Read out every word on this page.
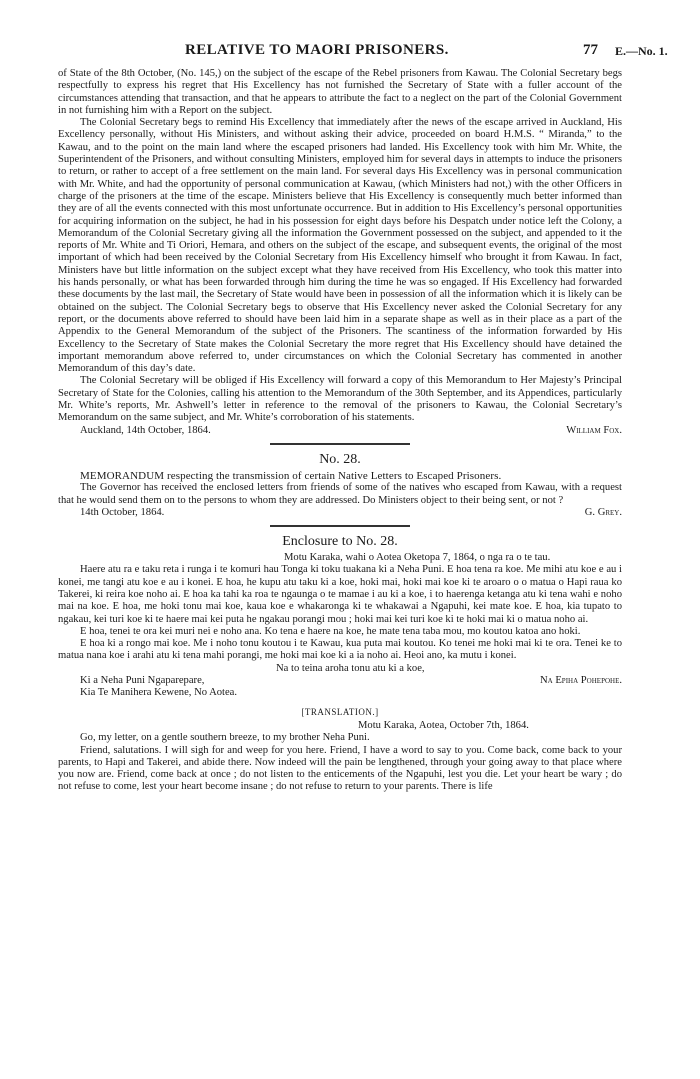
RELATIVE TO MAORI PRISONERS.	77 E.—No. 1.

of State of the 8th October, (No. 145,) on the subject of the escape of the Rebel prisoners from Kawau. The Colonial Secretary begs respectfully to express his regret that His Excellency has not furnished the Secretary of State with a fuller account of the circumstances attending that transaction, and that he appears to attribute the fact to a neglect on the part of the Colonial Government in not furnishing him with a Report on the subject.

The Colonial Secretary begs to remind His Excellency that immediately after the news of the escape arrived in Auckland, His Excellency personally, without His Ministers, and without asking their advice, proceeded on board H.M.S. “ Miranda,” to the Kawau, and to the point on the main land where the escaped prisoners had landed. His Excellency took with him Mr. White, the Superintendent of the Prisoners, and without consulting Ministers, employed him for several days in attempts to induce the prisoners to return, or rather to accept of a free settlement on the main land. For several days His Excellency was in personal communication with Mr. White, and had the opportunity of personal communication at Kawau, (which Ministers had not,) with the other Officers in charge of the prisoners at the time of the escape. Ministers believe that His Excellency is consequently much better informed than they are of all the events connected with this most unfortunate occurrence. But in addition to His Excellency’s personal opportunities for acquiring information on the subject, he had in his possession for eight days before his Despatch under notice left the Colony, a Memorandum of the Colonial Secretary giving all the information the Government possessed on the subject, and appended to it the reports of Mr. White and Ti Oriori, Hemara, and others on the subject of the escape, and subsequent events, the original of the most important of which had been received by the Colonial Secretary from His Excellency himself who brought it from Kawau. In fact, Ministers have but little information on the subject except what they have received from His Excellency, who took this matter into his hands personally, or what has been forwarded through him during the time he was so engaged. If His Excellency had forwarded these documents by the last mail, the Secretary of State would have been in possession of all the information which it is likely can be obtained on the subject. The Colonial Secretary begs to observe that His Excellency never asked the Colonial Secretary for any report, or the documents above referred to should have been laid him in a separate shape as well as in their place as a part of the Appendix to the General Memorandum of the subject of the Prisoners. The scantiness of the information forwarded by His Excellency to the Secretary of State makes the Colonial Secretary the more regret that His Excellency should have detained the important memorandum above referred to, under circumstances on which the Colonial Secretary has commented in another Memorandum of this day’s date.

The Colonial Secretary will be obliged if His Excellency will forward a copy of this Memorandum to Her Majesty’s Principal Secretary of State for the Colonies, calling his attention to the Memorandum of the 30th September, and its Appendices, particularly Mr. White’s reports, Mr. Ashwell’s letter in reference to the removal of the prisoners to Kawau, the Colonial Secretary’s Memorandum on the same subject, and Mr. White’s corroboration of his statements.

Auckland, 14th October, 1864.	William Fox.
No. 28.

MEMORANDUM respecting the transmission of certain Native Letters to Escaped Prisoners.

The Governor has received the enclosed letters from friends of some of the natives who escaped from Kawau, with a request that he would send them on to the persons to whom they are addressed. Do Ministers object to their being sent, or not ?

14th October, 1864.	G. Grey.
Enclosure to No. 28.

Motu Karaka, wahi o Aotea Oketopa 7, 1864, o nga ra o te tau.

Haere atu ra e taku reta i runga i te komuri hau Tonga ki toku tuakana ki a Neha Puni. E hoa tena ra koe. Me mihi atu koe e au i konei, me tangi atu koe e au i konei. E hoa, he kupu atu taku ki a koe, hoki mai, hoki mai koe ki te aroaro o o matua o Hapi raua ko Takerei, ki reira koe noho ai. E hoa ka tahi ka roa te ngaunga o te mamae i au ki a koe, i to haerenga ketanga atu ki tena wahi e noho mai na koe. E hoa, me hoki tonu mai koe, kaua koe e whakaronga ki te whakawai a Ngapuhi, kei mate koe. E hoa, kia tupato to ngakau, kei turi koe ki te haere mai kei puta he ngakau porangi mou ; hoki mai kei turi koe ki te hoki mai ki o matua noho ai.

E hoa, tenei te ora kei muri nei e noho ana. Ko tena e haere na koe, he mate tena taba mou, mo koutou katoa ano hoki.

E hoa ki a rongo mai koe. Me i noho tonu koutou i te Kawau, kua puta mai koutou. Ko tenei me hoki mai ki te ora. Tenei ke to matua nana koe i arahi atu ki tena mahi porangi, me hoki mai koe ki a ia noho ai. Heoi ano, ka mutu i konei.

Na to teina aroha tonu atu ki a koe,

Ki a Neha Puni Ngaparepare,	Na Epiha Pohepohe.

Kia Te Manihera Kewene, No Aotea.

[TRANSLATION.]

Motu Karaka, Aotea, October 7th, 1864.

Go, my letter, on a gentle southern breeze, to my brother Neha Puni.

Friend, salutations. I will sigh for and weep for you here. Friend, I have a word to say to you. Come back, come back to your parents, to Hapi and Takerei, and abide there. Now indeed will the pain be lengthened, through your going away to that place where you now are. Friend, come back at once ; do not listen to the enticements of the Ngapuhi, lest you die. Let your heart be wary ; do not refuse to come, lest your heart become insane ; do not refuse to return to your parents. There is life
